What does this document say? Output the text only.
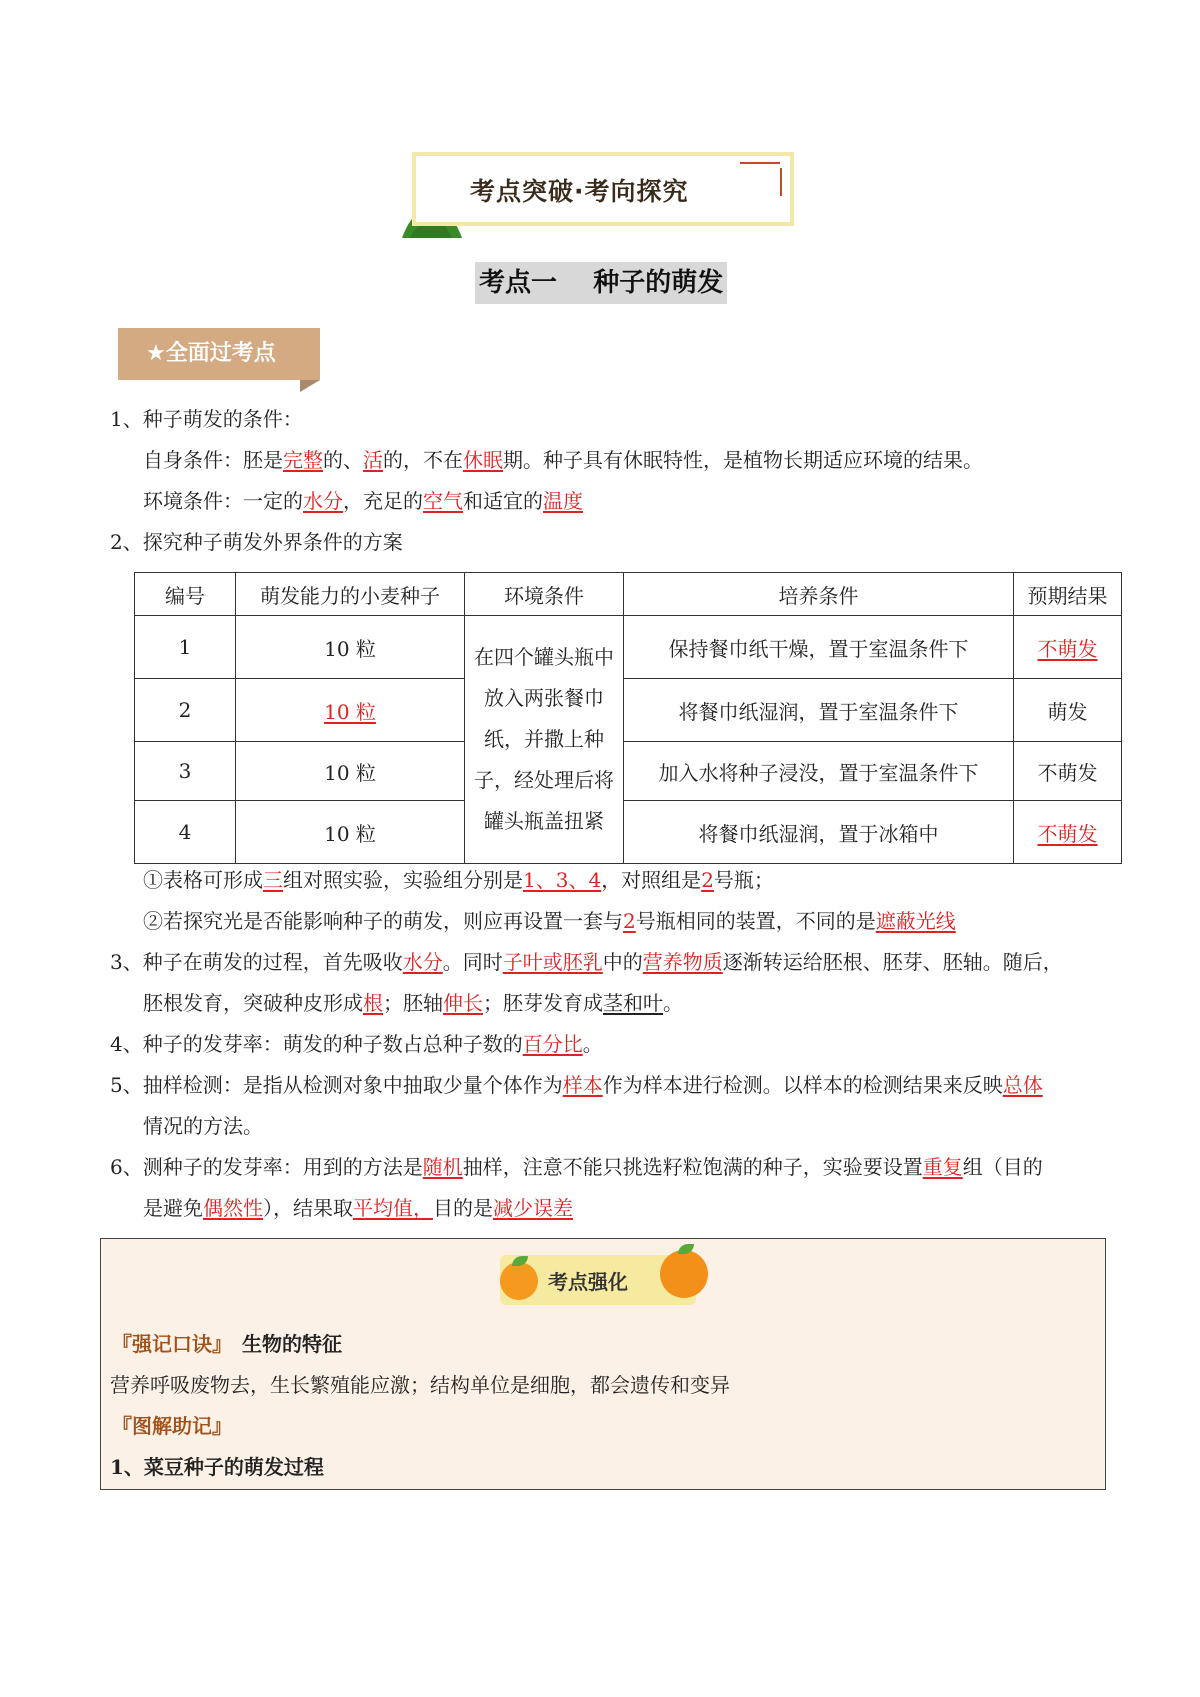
考点突破·考向探究
考点一    种子的萌发
★全面过考点
1、种子萌发的条件：
自身条件：胚是完整的、活的，不在休眠期。种子具有休眠特性，是植物长期适应环境的结果。
环境条件：一定的水分，充足的空气和适宜的温度
2、探究种子萌发外界条件的方案
编号	萌发能力的小麦种子	环境条件	培养条件	预期结果
1	10 粒	在四个罐头瓶中放入两张餐巾纸，并撒上种子，经处理后将罐头瓶盖扭紧	保持餐巾纸干燥，置于室温条件下	不萌发
2	10 粒		将餐巾纸湿润，置于室温条件下	萌发
3	10 粒		加入水将种子浸没，置于室温条件下	不萌发
4	10 粒		将餐巾纸湿润，置于冰箱中	不萌发
①表格可形成三组对照实验，实验组分别是1、3、4，对照组是2号瓶；
②若探究光是否能影响种子的萌发，则应再设置一套与2号瓶相同的装置，不同的是遮蔽光线
3、种子在萌发的过程，首先吸收水分。同时子叶或胚乳中的营养物质逐渐转运给胚根、胚芽、胚轴。随后，
胚根发育，突破种皮形成根；胚轴伸长；胚芽发育成茎和叶。
4、种子的发芽率：萌发的种子数占总种子数的百分比。
5、抽样检测：是指从检测对象中抽取少量个体作为样本作为样本进行检测。以样本的检测结果来反映总体
情况的方法。
6、测种子的发芽率：用到的方法是随机抽样，注意不能只挑选籽粒饱满的种子，实验要设置重复组（目的
是避免偶然性），结果取平均值，目的是减少误差
考点强化
『强记口诀』 生物的特征
营养呼吸废物去，生长繁殖能应激；结构单位是细胞，都会遗传和变异
『图解助记』
1、菜豆种子的萌发过程
